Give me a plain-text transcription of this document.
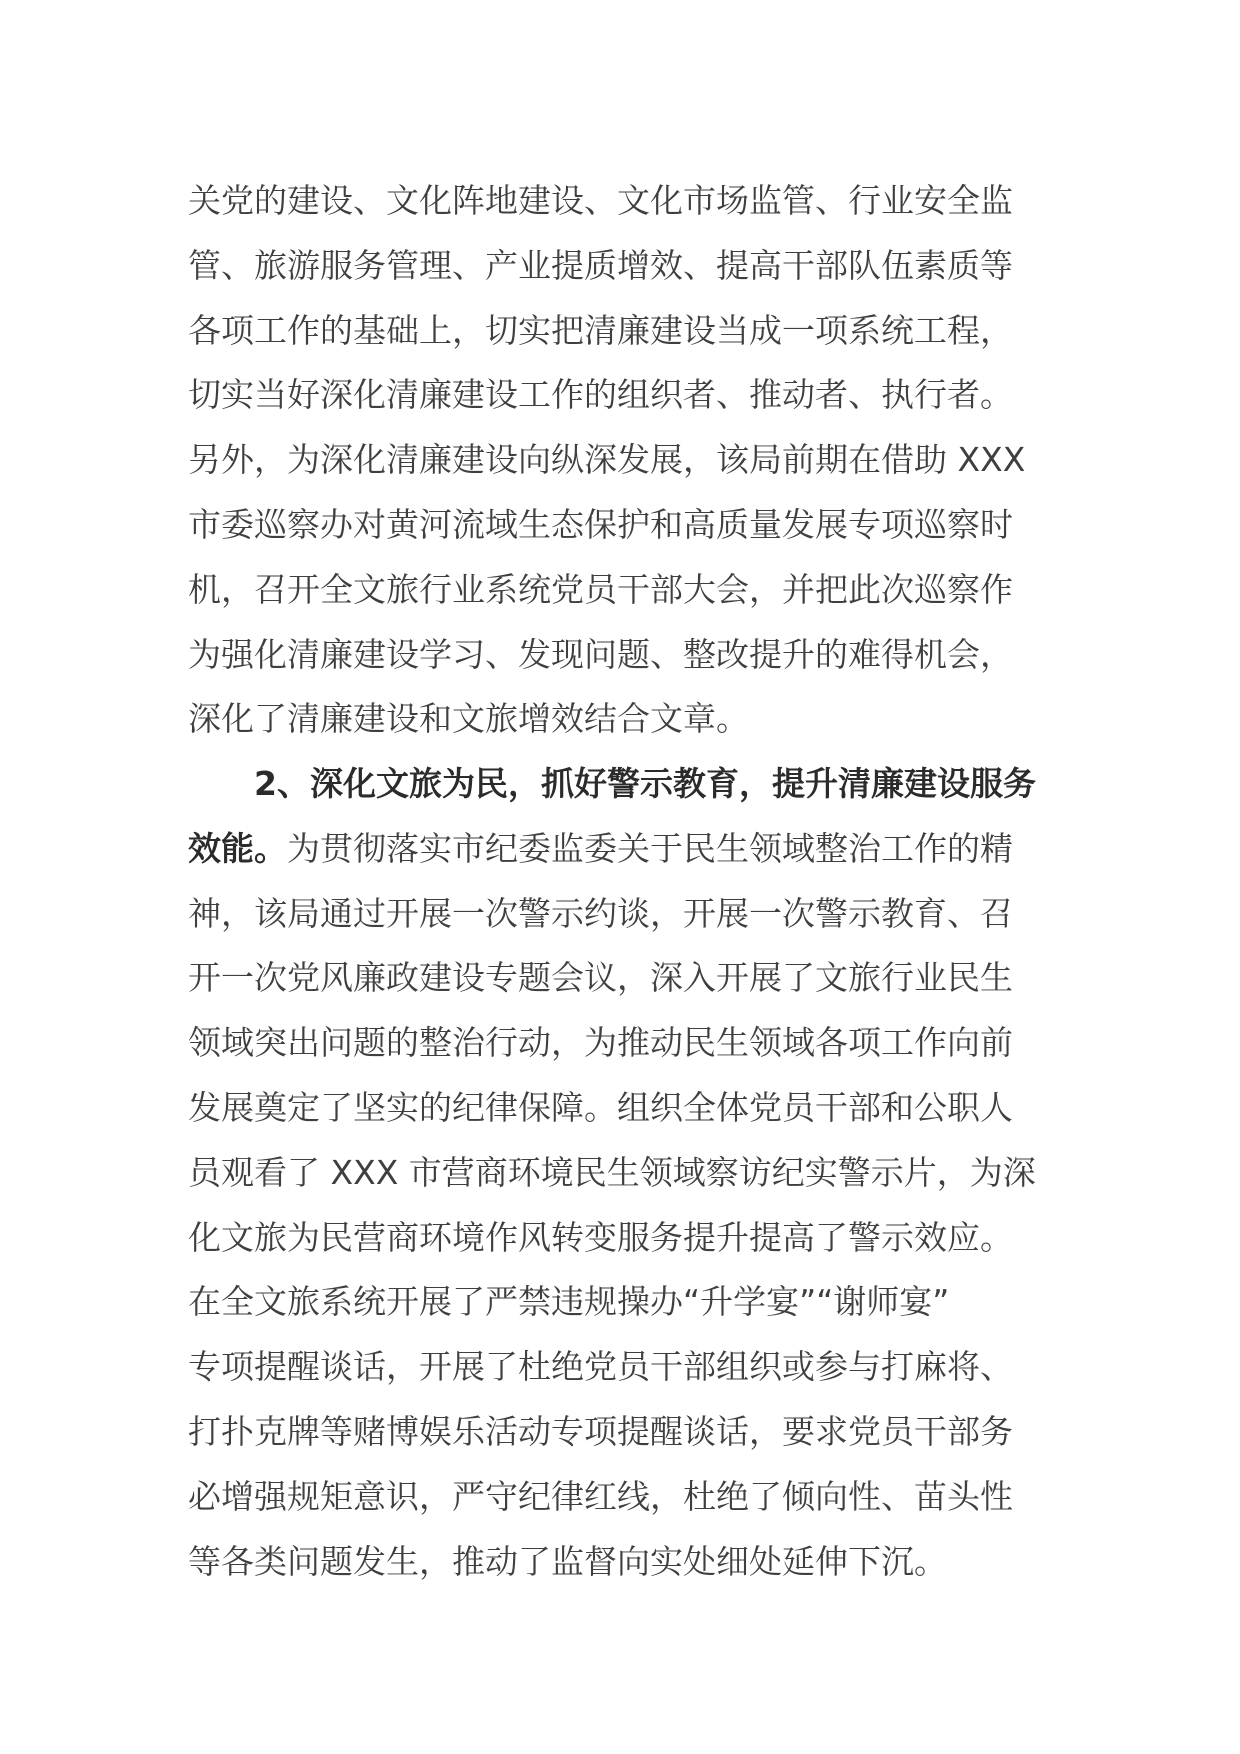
关党的建设、文化阵地建设、文化市场监管、行业安全监
管、旅游服务管理、产业提质增效、提高干部队伍素质等
各项工作的基础上，切实把清廉建设当成一项系统工程，
切实当好深化清廉建设工作的组织者、推动者、执行者。
另外，为深化清廉建设向纵深发展，该局前期在借助 XXX
市委巡察办对黄河流域生态保护和高质量发展专项巡察时
机，召开全文旅行业系统党员干部大会，并把此次巡察作
为强化清廉建设学习、发现问题、整改提升的难得机会，
深化了清廉建设和文旅增效结合文章。
2、深化文旅为民，抓好警示教育，提升清廉建设服务
效能。为贯彻落实市纪委监委关于民生领域整治工作的精
神，该局通过开展一次警示约谈，开展一次警示教育、召
开一次党风廉政建设专题会议，深入开展了文旅行业民生
领域突出问题的整治行动，为推动民生领域各项工作向前
发展奠定了坚实的纪律保障。组织全体党员干部和公职人
员观看了 XXX 市营商环境民生领域察访纪实警示片，为深
化文旅为民营商环境作风转变服务提升提高了警示效应。
在全文旅系统开展了严禁违规操办“升学宴”“谢师宴”
专项提醒谈话，开展了杜绝党员干部组织或参与打麻将、
打扑克牌等赌博娱乐活动专项提醒谈话，要求党员干部务
必增强规矩意识，严守纪律红线，杜绝了倾向性、苗头性
等各类问题发生，推动了监督向实处细处延伸下沉。
